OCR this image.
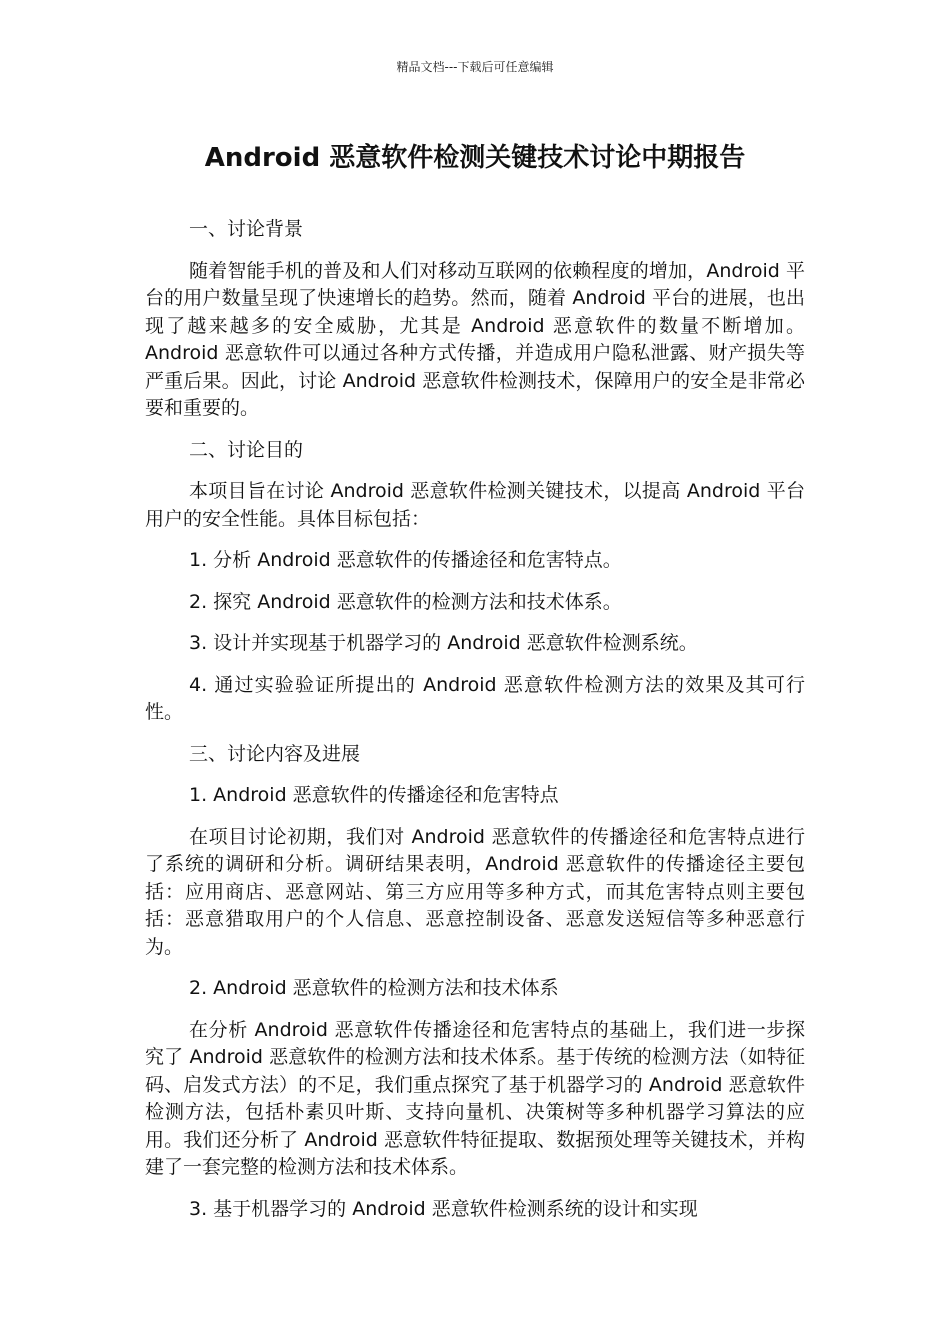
精品文档---下载后可任意编辑
Android 恶意软件检测关键技术讨论中期报告

一、讨论背景

随着智能手机的普及和人们对移动互联网的依赖程度的增加，Android 平台的用户数量呈现了快速增长的趋势。然而，随着 Android 平台的进展，也出现了越来越多的安全威胁，尤其是 Android 恶意软件的数量不断增加。Android 恶意软件可以通过各种方式传播，并造成用户隐私泄露、财产损失等严重后果。因此，讨论 Android 恶意软件检测技术，保障用户的安全是非常必要和重要的。

二、讨论目的

本项目旨在讨论 Android 恶意软件检测关键技术，以提高 Android 平台用户的安全性能。具体目标包括：

1. 分析 Android 恶意软件的传播途径和危害特点。

2. 探究 Android 恶意软件的检测方法和技术体系。

3. 设计并实现基于机器学习的 Android 恶意软件检测系统。

4. 通过实验验证所提出的 Android 恶意软件检测方法的效果及其可行性。

三、讨论内容及进展

1. Android 恶意软件的传播途径和危害特点

在项目讨论初期，我们对 Android 恶意软件的传播途径和危害特点进行了系统的调研和分析。调研结果表明，Android 恶意软件的传播途径主要包括：应用商店、恶意网站、第三方应用等多种方式，而其危害特点则主要包括：恶意猎取用户的个人信息、恶意控制设备、恶意发送短信等多种恶意行为。

2. Android 恶意软件的检测方法和技术体系

在分析 Android 恶意软件传播途径和危害特点的基础上，我们进一步探究了 Android 恶意软件的检测方法和技术体系。基于传统的检测方法（如特征码、启发式方法）的不足，我们重点探究了基于机器学习的 Android 恶意软件检测方法，包括朴素贝叶斯、支持向量机、决策树等多种机器学习算法的应用。我们还分析了 Android 恶意软件特征提取、数据预处理等关键技术，并构建了一套完整的检测方法和技术体系。

3. 基于机器学习的 Android 恶意软件检测系统的设计和实现
